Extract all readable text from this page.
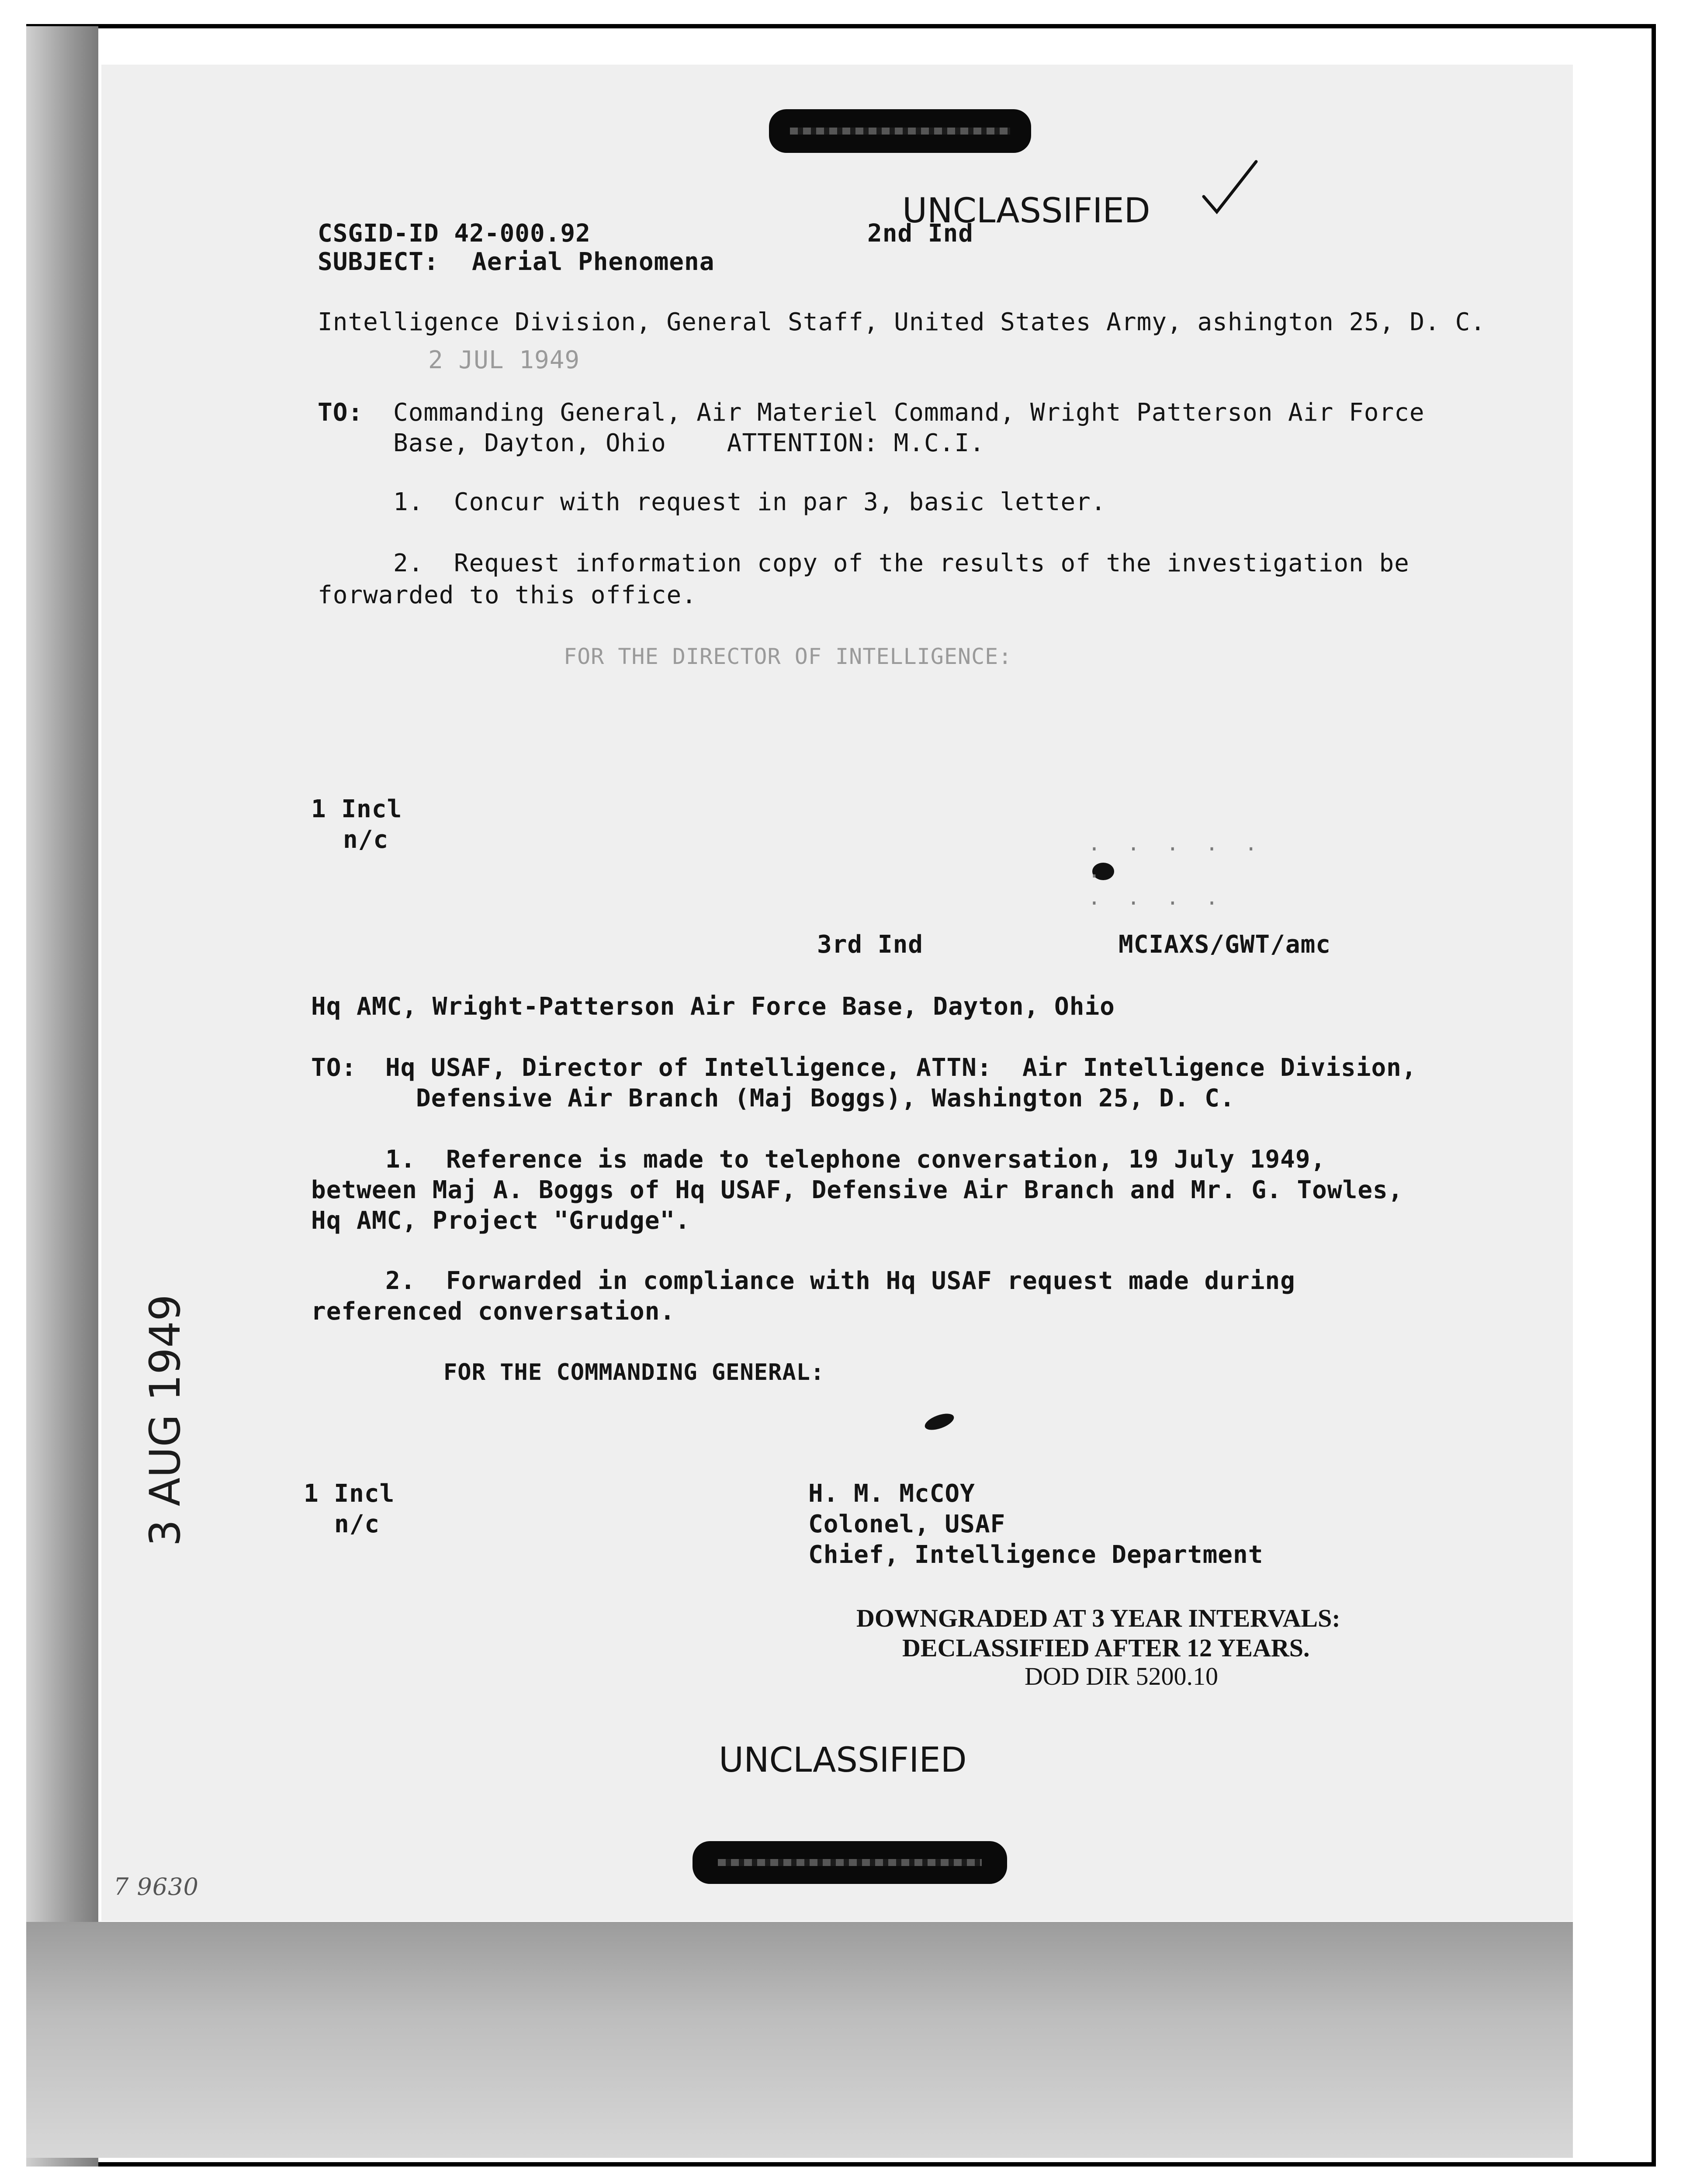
CSGID-ID 42-000.92	2nd Ind
UNCLASSIFIED
SUBJECT: Aerial Phenomena
Intelligence Division, General Staff, United States Army, ashington 25, D. C.
2 JUL 1949
TO: Commanding General, Air Materiel Command, Wright Patterson Air Force
Base, Dayton, Ohio    ATTENTION: M.C.I.
1.  Concur with request in par 3, basic letter.
2.  Request information copy of the results of the investigation be
forwarded to this office.
FOR THE DIRECTOR OF INTELLIGENCE:
1 Incl
n/c	.  .  .  .  .
.
.  .  .  .
3rd Ind	MCIAXS/GWT/amc
Hq AMC, Wright-Patterson Air Force Base, Dayton, Ohio
TO: Hq USAF, Director of Intelligence, ATTN:  Air Intelligence Division,
Defensive Air Branch (Maj Boggs), Washington 25, D. C.
1.  Reference is made to telephone conversation, 19 July 1949,
between Maj A. Boggs of Hq USAF, Defensive Air Branch and Mr. G. Towles,
Hq AMC, Project "Grudge".
2.  Forwarded in compliance with Hq USAF request made during
referenced conversation.
FOR THE COMMANDING GENERAL:
1 Incl
n/c
H. M. McCOY
Colonel, USAF
Chief, Intelligence Department
DOWNGRADED AT 3 YEAR INTERVALS:
DECLASSIFIED AFTER 12 YEARS.
DOD DIR 5200.10
UNCLASSIFIED
3 AUG 1949
7 9630
